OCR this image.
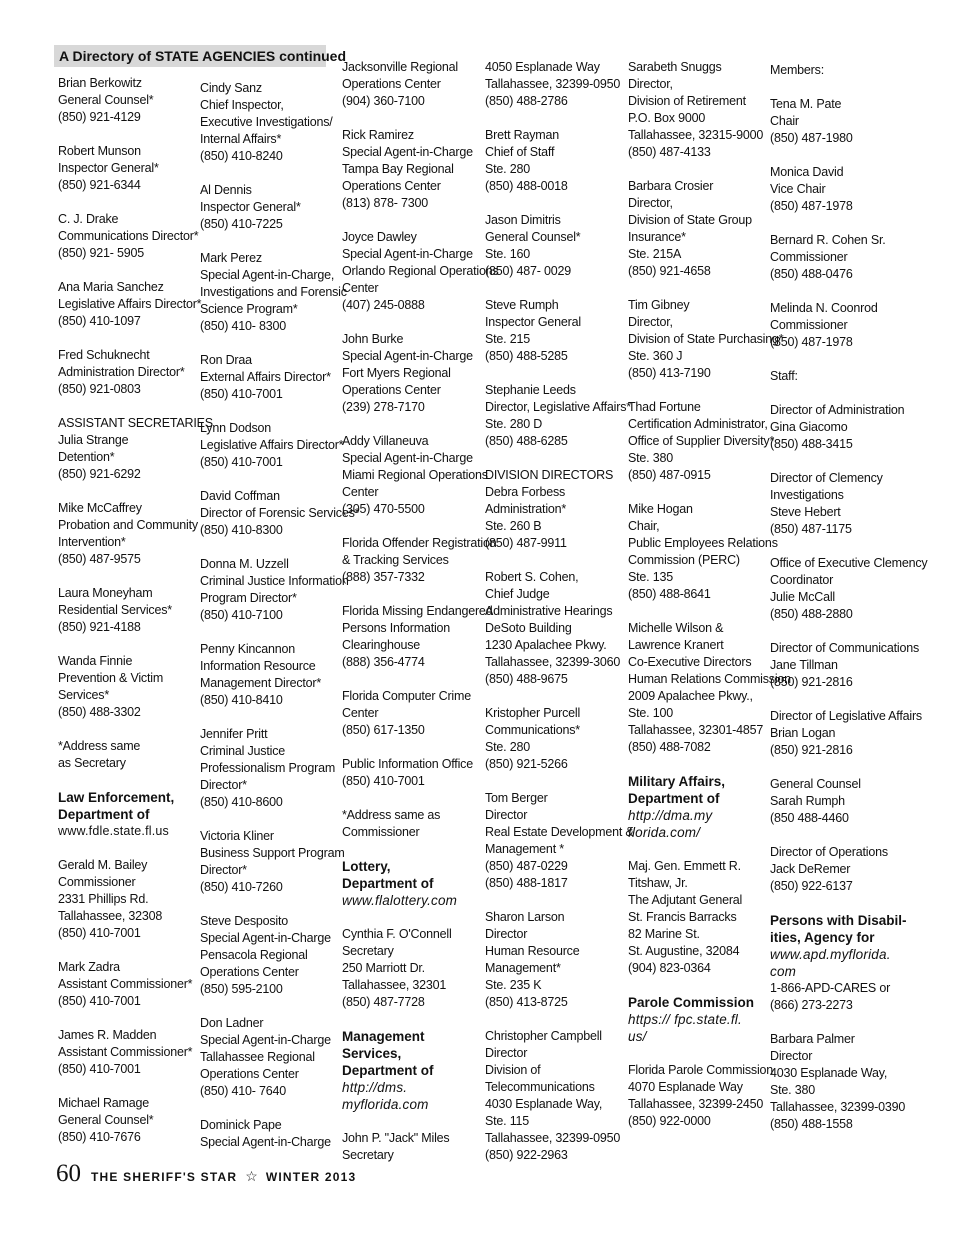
A Directory of STATE AGENCIES continued
Brian Berkowitz
General Counsel*
(850) 921-4129
Robert Munson
Inspector General*
(850) 921-6344
C. J. Drake
Communications Director*
(850) 921- 5905
Ana Maria Sanchez
Legislative Affairs Director*
(850) 410-1097
Fred Schuknecht
Administration Director*
(850) 921-0803
ASSISTANT SECRETARIES
Julia Strange
Detention*
(850) 921-6292
Mike McCaffrey
Probation and Community
Intervention*
(850) 487-9575
Laura Moneyham
Residential Services*
(850) 921-4188
Wanda Finnie
Prevention & Victim
Services*
(850) 488-3302
*Address same
as Secretary
Law Enforcement,
Department of
www.fdle.state.fl.us
Gerald M. Bailey
Commissioner
2331 Phillips Rd.
Tallahassee, 32308
(850) 410-7001
Mark Zadra
Assistant Commissioner*
(850) 410-7001
James R. Madden
Assistant Commissioner*
(850) 410-7001
Michael Ramage
General Counsel*
(850) 410-7676
Cindy Sanz
Chief Inspector,
Executive Investigations/
Internal Affairs*
(850) 410-8240
Al Dennis
Inspector General*
(850) 410-7225
Mark Perez
Special Agent-in-Charge,
Investigations and Forensic
Science Program*
(850) 410- 8300
Ron Draa
External Affairs Director*
(850) 410-7001
Lynn Dodson
Legislative Affairs Director*
(850) 410-7001
David Coffman
Director of Forensic Services*
(850) 410-8300
Donna M. Uzzell
Criminal Justice Information
Program Director*
(850) 410-7100
Penny Kincannon
Information Resource
Management Director*
(850) 410-8410
Jennifer Pritt
Criminal Justice
Professionalism Program
Director*
(850) 410-8600
Victoria Kliner
Business Support Program
Director*
(850) 410-7260
Steve Desposito
Special Agent-in-Charge
Pensacola Regional
Operations Center
(850) 595-2100
Don Ladner
Special Agent-in-Charge
Tallahassee Regional
Operations Center
(850) 410- 7640
Dominick Pape
Special Agent-in-Charge
Jacksonville Regional
Operations Center
(904) 360-7100
Rick Ramirez
Special Agent-in-Charge
Tampa Bay Regional
Operations Center
(813) 878- 7300
Joyce Dawley
Special Agent-in-Charge
Orlando Regional Operations
Center
(407) 245-0888
John Burke
Special Agent-in-Charge
Fort Myers Regional
Operations Center
(239) 278-7170
Addy Villaneuva
Special Agent-in-Charge
Miami Regional Operations
Center
(305) 470-5500
Florida Offender Registration
& Tracking Services
(888) 357-7332
Florida Missing Endangered
Persons Information
Clearinghouse
(888) 356-4774
Florida Computer Crime
Center
(850) 617-1350
Public Information Office
(850) 410-7001
*Address same as
Commissioner
Lottery,
Department of
www.flalottery.com
Cynthia F. O'Connell
Secretary
250 Marriott Dr.
Tallahassee, 32301
(850) 487-7728
Management
Services,
Department of
http://dms.
myflorida.com
John P. "Jack" Miles
Secretary
4050 Esplanade Way
Tallahassee, 32399-0950
(850) 488-2786
Brett Rayman
Chief of Staff
Ste. 280
(850) 488-0018
Jason Dimitris
General Counsel*
Ste. 160
(850) 487- 0029
Steve Rumph
Inspector General
Ste. 215
(850) 488-5285
Stephanie Leeds
Director, Legislative Affairs*
Ste. 280 D
(850) 488-6285
DIVISION DIRECTORS
Debra Forbess
Administration*
Ste. 260 B
(850) 487-9911
Robert S. Cohen,
Chief Judge
Administrative Hearings
DeSoto Building
1230 Apalachee Pkwy.
Tallahassee, 32399-3060
(850) 488-9675
Kristopher Purcell
Communications*
Ste. 280
(850) 921-5266
Tom Berger
Director
Real Estate Development &
Management *
(850) 487-0229
(850) 488-1817
Sharon Larson
Director
Human Resource
Management*
Ste. 235 K
(850) 413-8725
Christopher Campbell
Director
Division of
Telecommunications
4030 Esplanade Way,
Ste. 115
Tallahassee, 32399-0950
(850) 922-2963
Sarabeth Snuggs
Director,
Division of Retirement
P.O. Box 9000
Tallahassee, 32315-9000
(850) 487-4133
Barbara Crosier
Director,
Division of State Group
Insurance*
Ste. 215A
(850) 921-4658
Tim Gibney
Director,
Division of State Purchasing*
Ste. 360 J
(850) 413-7190
Thad Fortune
Certification Administrator,
Office of Supplier Diversity*
Ste. 380
(850) 487-0915
Mike Hogan
Chair,
Public Employees Relations
Commission (PERC)
Ste. 135
(850) 488-8641
Michelle Wilson &
Lawrence Kranert
Co-Executive Directors
Human Relations Commission
2009 Apalachee Pkwy.,
Ste. 100
Tallahassee, 32301-4857
(850) 488-7082
Military Affairs,
Department of
http://dma.my
florida.com/
Maj. Gen. Emmett R.
Titshaw, Jr.
The Adjutant General
St. Francis Barracks
82 Marine St.
St. Augustine, 32084
(904) 823-0364
Parole Commission
https:// fpc.state.fl.
us/
Florida Parole Commission
4070 Esplanade Way
Tallahassee, 32399-2450
(850) 922-0000
Members:
Tena M. Pate
Chair
(850) 487-1980
Monica David
Vice Chair
(850) 487-1978
Bernard R. Cohen Sr.
Commissioner
(850) 488-0476
Melinda N. Coonrod
Commissioner
(850) 487-1978
Staff:
Director of Administration
Gina Giacomo
(850) 488-3415
Director of Clemency
Investigations
Steve Hebert
(850) 487-1175
Office of Executive Clemency
Coordinator
Julie McCall
(850) 488-2880
Director of Communications
Jane Tillman
(850) 921-2816
Director of Legislative Affairs
Brian Logan
(850) 921-2816
General Counsel
Sarah Rumph
(850 488-4460
Director of Operations
Jack DeRemer
(850) 922-6137
Persons with Disabil-
ities, Agency for
www.apd.myflorida.
com
1-866-APD-CARES or
(866) 273-2273
Barbara Palmer
Director
4030 Esplanade Way,
Ste. 380
Tallahassee, 32399-0390
(850) 488-1558
60 THE SHERIFF'S STAR ☆ WINTER 2013
